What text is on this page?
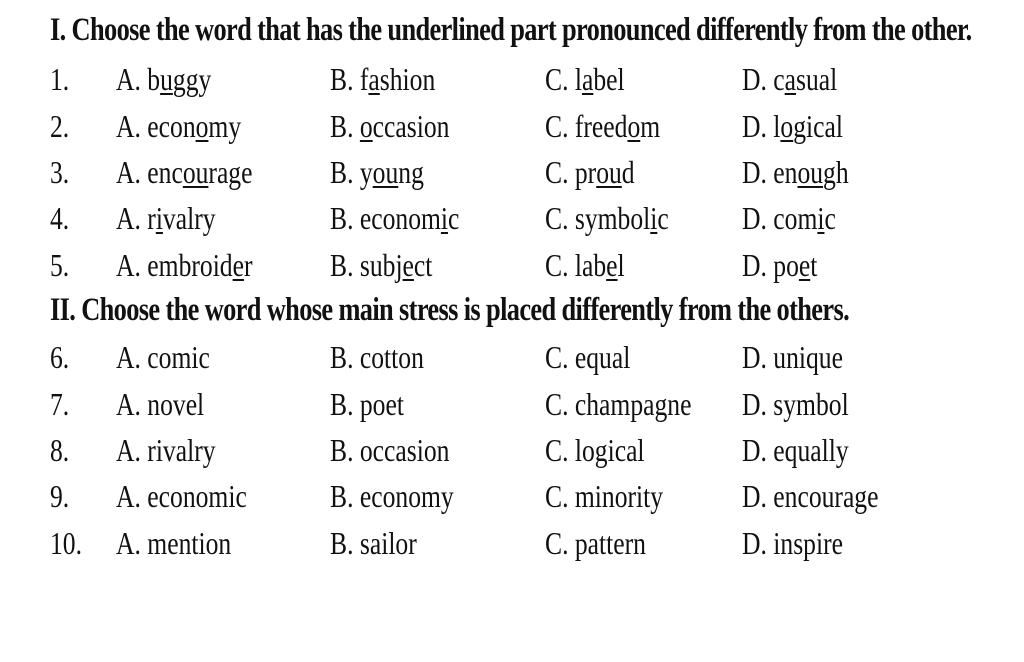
I. Choose the word that has the underlined part pronounced differently from the other.
1. A. buggy	B. fashion	C. label	D. casual
2. A. economy	B. occasion	C. freedom	D. logical
3. A. encourage B. young	C. proud	D. enough
4. A. rivalry	B. economic	C. symbolic D. comic
5. A. embroider B. subject	C. label	D. poet
II. Choose the word whose main stress is placed differently from the others.
6. A. comic	B. cotton	C. equal	D. unique
7. A. novel	B. poet	C. champagne D. symbol
8. A. rivalry	B. occasion	C. logical	D. equally
9. A. economic	B. economy	C. minority D. encourage
10. A. mention	B. sailor	C. pattern	D. inspire
